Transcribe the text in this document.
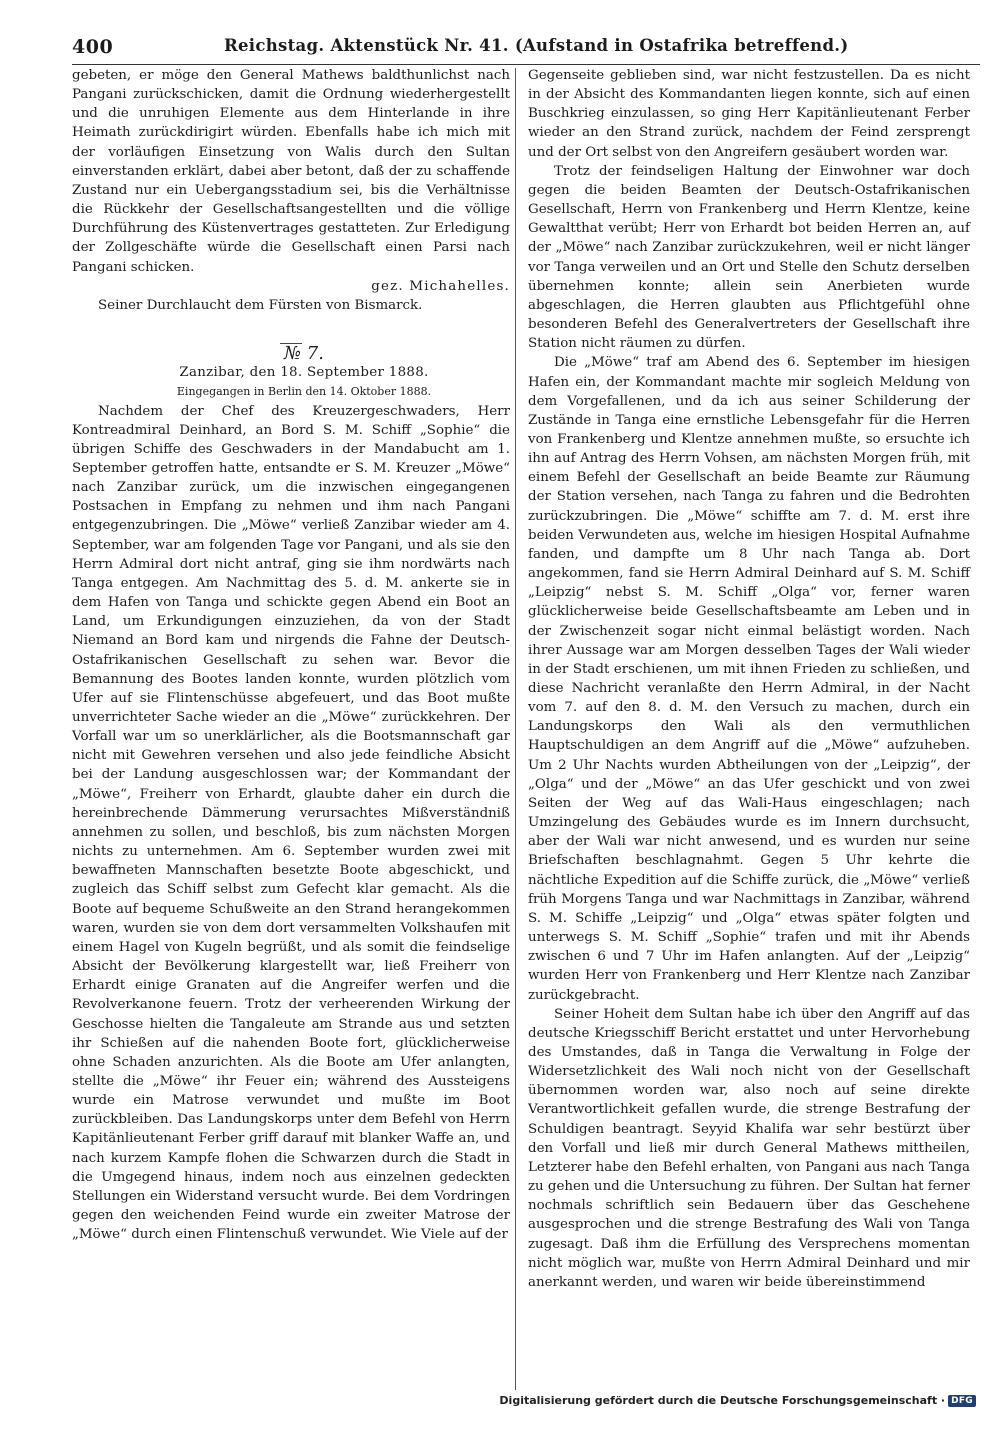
400	Reichstag. Aktenstück Nr. 41. (Aufstand in Ostafrika betreffend.)

gebeten, er möge den General Mathews baldthunlichst nach Pangani zurückschicken, damit die Ordnung wiederhergestellt und die unruhigen Elemente aus dem Hinterlande in ihre Heimath zurückdirigirt würden. Ebenfalls habe ich mich mit der vorläufigen Einsetzung von Walis durch den Sultan einverstanden erklärt, dabei aber betont, daß der zu schaffende Zustand nur ein Uebergangsstadium sei, bis die Verhältnisse die Rückkehr der Gesellschaftsangestellten und die völlige Durchführung des Küstenvertrages gestatteten. Zur Erledigung der Zollgeschäfte würde die Gesellschaft einen Parsi nach Pangani schicken.

gez. Michahelles.

Seiner Durchlaucht dem Fürsten von Bismarck.

№ 7.

Zanzibar, den 18. September 1888.

Eingegangen in Berlin den 14. Oktober 1888.

Nachdem der Chef des Kreuzergeschwaders, Herr Kontreadmiral Deinhard, an Bord S. M. Schiff „Sophie“ die übrigen Schiffe des Geschwaders in der Mandabucht am 1. September getroffen hatte, entsandte er S. M. Kreuzer „Möwe“ nach Zanzibar zurück, um die inzwischen eingegangenen Postsachen in Empfang zu nehmen und ihm nach Pangani entgegenzubringen. Die „Möwe“ verließ Zanzibar wieder am 4. September, war am folgenden Tage vor Pangani, und als sie den Herrn Admiral dort nicht antraf, ging sie ihm nordwärts nach Tanga entgegen. Am Nachmittag des 5. d. M. ankerte sie in dem Hafen von Tanga und schickte gegen Abend ein Boot an Land, um Erkundigungen einzuziehen, da von der Stadt Niemand an Bord kam und nirgends die Fahne der Deutsch-Ostafrikanischen Gesellschaft zu sehen war. Bevor die Bemannung des Bootes landen konnte, wurden plötzlich vom Ufer auf sie Flintenschüsse abgefeuert, und das Boot mußte unverrichteter Sache wieder an die „Möwe“ zurückkehren. Der Vorfall war um so unerklärlicher, als die Bootsmannschaft gar nicht mit Gewehren versehen und also jede feindliche Absicht bei der Landung ausgeschlossen war; der Kommandant der „Möwe“, Freiherr von Erhardt, glaubte daher ein durch die hereinbrechende Dämmerung verursachtes Mißverständniß annehmen zu sollen, und beschloß, bis zum nächsten Morgen nichts zu unternehmen. Am 6. September wurden zwei mit bewaffneten Mannschaften besetzte Boote abgeschickt, und zugleich das Schiff selbst zum Gefecht klar gemacht. Als die Boote auf bequeme Schußweite an den Strand herangekommen waren, wurden sie von dem dort versammelten Volkshaufen mit einem Hagel von Kugeln begrüßt, und als somit die feindselige Absicht der Bevölkerung klargestellt war, ließ Freiherr von Erhardt einige Granaten auf die Angreifer werfen und die Revolverkanone feuern. Trotz der verheerenden Wirkung der Geschosse hielten die Tangaleute am Strande aus und setzten ihr Schießen auf die nahenden Boote fort, glücklicherweise ohne Schaden anzurichten. Als die Boote am Ufer anlangten, stellte die „Möwe“ ihr Feuer ein; während des Aussteigens wurde ein Matrose verwundet und mußte im Boot zurückbleiben. Das Landungskorps unter dem Befehl von Herrn Kapitänlieutenant Ferber griff darauf mit blanker Waffe an, und nach kurzem Kampfe flohen die Schwarzen durch die Stadt in die Umgegend hinaus, indem noch aus einzelnen gedeckten Stellungen ein Widerstand versucht wurde. Bei dem Vordringen gegen den weichenden Feind wurde ein zweiter Matrose der „Möwe“ durch einen Flintenschuß verwundet. Wie Viele auf der

Gegenseite geblieben sind, war nicht festzustellen. Da es nicht in der Absicht des Kommandanten liegen konnte, sich auf einen Buschkrieg einzulassen, so ging Herr Kapitänlieutenant Ferber wieder an den Strand zurück, nachdem der Feind zersprengt und der Ort selbst von den Angreifern gesäubert worden war.

Trotz der feindseligen Haltung der Einwohner war doch gegen die beiden Beamten der Deutsch-Ostafrikanischen Gesellschaft, Herrn von Frankenberg und Herrn Klentze, keine Gewaltthat verübt; Herr von Erhardt bot beiden Herren an, auf der „Möwe“ nach Zanzibar zurückzukehren, weil er nicht länger vor Tanga verweilen und an Ort und Stelle den Schutz derselben übernehmen konnte; allein sein Anerbieten wurde abgeschlagen, die Herren glaubten aus Pflichtgefühl ohne besonderen Befehl des Generalvertreters der Gesellschaft ihre Station nicht räumen zu dürfen.

Die „Möwe“ traf am Abend des 6. September im hiesigen Hafen ein, der Kommandant machte mir sogleich Meldung von dem Vorgefallenen, und da ich aus seiner Schilderung der Zustände in Tanga eine ernstliche Lebensgefahr für die Herren von Frankenberg und Klentze annehmen mußte, so ersuchte ich ihn auf Antrag des Herrn Vohsen, am nächsten Morgen früh, mit einem Befehl der Gesellschaft an beide Beamte zur Räumung der Station versehen, nach Tanga zu fahren und die Bedrohten zurückzubringen. Die „Möwe“ schiffte am 7. d. M. erst ihre beiden Verwundeten aus, welche im hiesigen Hospital Aufnahme fanden, und dampfte um 8 Uhr nach Tanga ab. Dort angekommen, fand sie Herrn Admiral Deinhard auf S. M. Schiff „Leipzig“ nebst S. M. Schiff „Olga“ vor, ferner waren glücklicherweise beide Gesellschaftsbeamte am Leben und in der Zwischenzeit sogar nicht einmal belästigt worden. Nach ihrer Aussage war am Morgen desselben Tages der Wali wieder in der Stadt erschienen, um mit ihnen Frieden zu schließen, und diese Nachricht veranlaßte den Herrn Admiral, in der Nacht vom 7. auf den 8. d. M. den Versuch zu machen, durch ein Landungskorps den Wali als den vermuthlichen Hauptschuldigen an dem Angriff auf die „Möwe“ aufzuheben. Um 2 Uhr Nachts wurden Abtheilungen von der „Leipzig“, der „Olga“ und der „Möwe“ an das Ufer geschickt und von zwei Seiten der Weg auf das Wali-Haus eingeschlagen; nach Umzingelung des Gebäudes wurde es im Innern durchsucht, aber der Wali war nicht anwesend, und es wurden nur seine Briefschaften beschlagnahmt. Gegen 5 Uhr kehrte die nächtliche Expedition auf die Schiffe zurück, die „Möwe“ verließ früh Morgens Tanga und war Nachmittags in Zanzibar, während S. M. Schiffe „Leipzig“ und „Olga“ etwas später folgten und unterwegs S. M. Schiff „Sophie“ trafen und mit ihr Abends zwischen 6 und 7 Uhr im Hafen anlangten. Auf der „Leipzig“ wurden Herr von Frankenberg und Herr Klentze nach Zanzibar zurückgebracht.

Seiner Hoheit dem Sultan habe ich über den Angriff auf das deutsche Kriegsschiff Bericht erstattet und unter Hervorhebung des Umstandes, daß in Tanga die Verwaltung in Folge der Widersetzlichkeit des Wali noch nicht von der Gesellschaft übernommen worden war, also noch auf seine direkte Verantwortlichkeit gefallen wurde, die strenge Bestrafung der Schuldigen beantragt. Seyyid Khalifa war sehr bestürzt über den Vorfall und ließ mir durch General Mathews mittheilen, Letzterer habe den Befehl erhalten, von Pangani aus nach Tanga zu gehen und die Untersuchung zu führen. Der Sultan hat ferner nochmals schriftlich sein Bedauern über das Geschehene ausgesprochen und die strenge Bestrafung des Wali von Tanga zugesagt. Daß ihm die Erfüllung des Versprechens momentan nicht möglich war, mußte von Herrn Admiral Deinhard und mir anerkannt werden, und waren wir beide übereinstimmend

Digitalisierung gefördert durch die Deutsche Forschungsgemeinschaft · DFG
